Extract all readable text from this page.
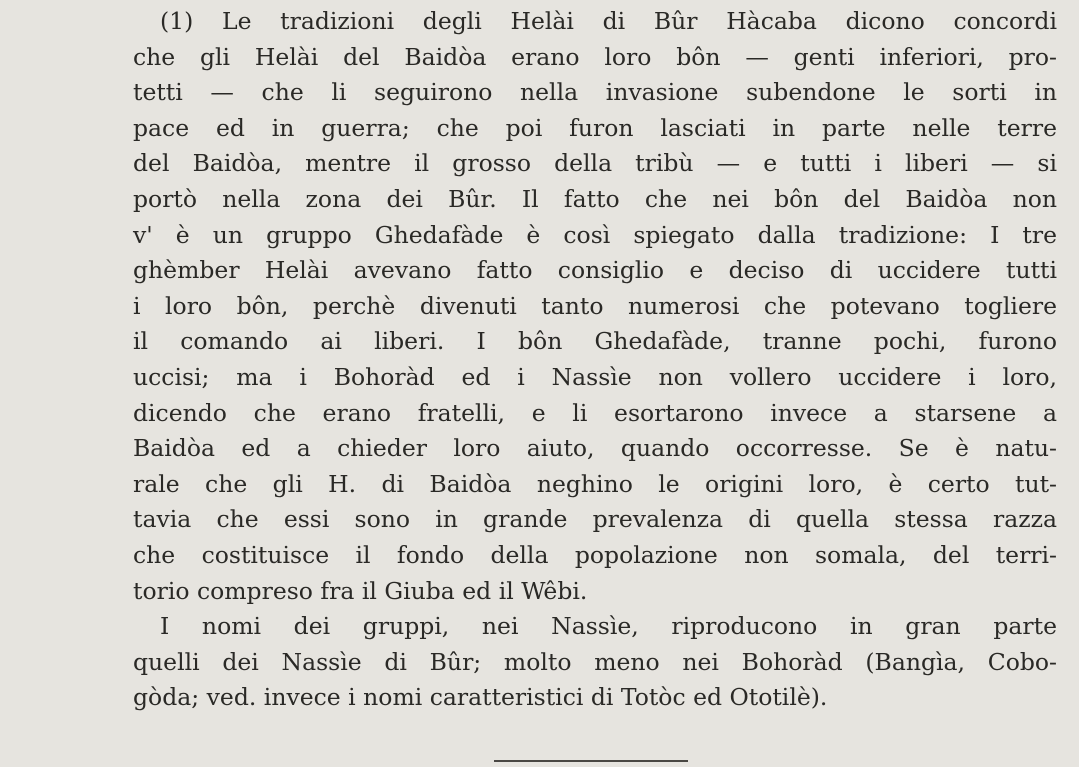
(1) Le tradizioni degli Helài di Bûr Hàcaba dicono concordi
che gli Helài del Baidòa erano loro bôn — genti inferiori, pro-
tetti — che li seguirono nella invasione subendone le sorti in
pace ed in guerra; che poi furon lasciati in parte nelle terre
del Baidòa, mentre il grosso della tribù — e tutti i liberi — si
portò nella zona dei Bûr. Il fatto che nei bôn del Baidòa non
v' è un gruppo Ghedafàde è così spiegato dalla tradizione: I tre
ghèmber Helài avevano fatto consiglio e deciso di uccidere tutti
i loro bôn, perchè divenuti tanto numerosi che potevano togliere
il comando ai liberi. I bôn Ghedafàde, tranne pochi, furono
uccisi; ma i Bohoràd ed i Nassìe non vollero uccidere i loro,
dicendo che erano fratelli, e li esortarono invece a starsene a
Baidòa ed a chieder loro aiuto, quando occorresse. Se è natu-
rale che gli H. di Baidòa neghino le origini loro, è certo tut-
tavia che essi sono in grande prevalenza di quella stessa razza
che costituisce il fondo della popolazione non somala, del terri-
torio compreso fra il Giuba ed il Wêbi.
I nomi dei gruppi, nei Nassìe, riproducono in gran parte
quelli dei Nassìe di Bûr; molto meno nei Bohoràd (Bangìa, Cobo-
gòda; ved. invece i nomi caratteristici di Totòc ed Ototilè).
